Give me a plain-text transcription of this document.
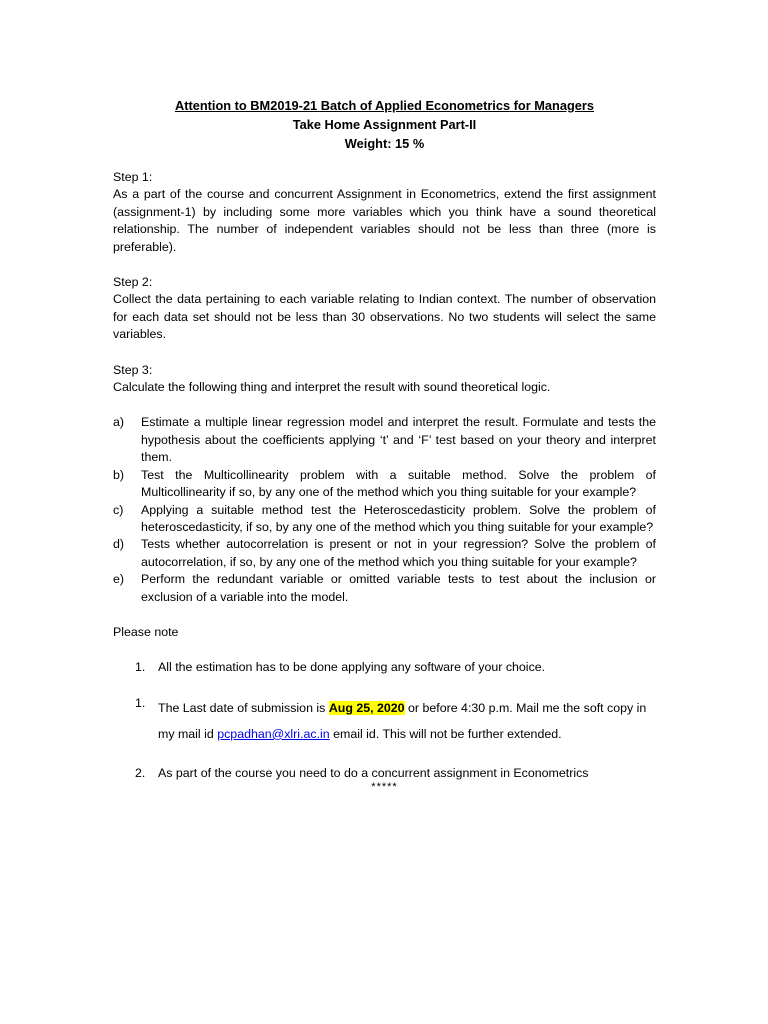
Attention to BM2019-21 Batch of Applied Econometrics for Managers
Take Home Assignment Part-II
Weight: 15 %

Step 1:

As a part of the course and concurrent Assignment in Econometrics, extend the first assignment (assignment-1) by including some more variables which you think have a sound theoretical relationship. The number of independent variables should not be less than three (more is preferable).

Step 2:

Collect the data pertaining to each variable relating to Indian context. The number of observation for each data set should not be less than 30 observations. No two students will select the same variables.

Step 3:

Calculate the following thing and interpret the result with sound theoretical logic.

a)	Estimate a multiple linear regression model and interpret the result. Formulate and tests the hypothesis about the coefficients applying ‘t’ and ‘F’ test based on your theory and interpret them.
b)	Test the Multicollinearity problem with a suitable method. Solve the problem of Multicollinearity if so, by any one of the method which you thing suitable for your example?
c)	Applying a suitable method test the Heteroscedasticity problem. Solve the problem of heteroscedasticity, if so, by any one of the method which you thing suitable for your example?
d)	Tests whether autocorrelation is present or not in your regression? Solve the problem of autocorrelation, if so, by any one of the method which you thing suitable for your example?
e)	Perform the redundant variable or omitted variable tests to test about the inclusion or exclusion of a variable into the model.

Please note

1.	All the estimation has to be done applying any software of your choice.
1.	The Last date of submission is Aug 25, 2020 or before 4:30 p.m. Mail me the soft copy in my mail id pcpadhan@xlri.ac.in email id. This will not be further extended.
2.	As part of the course you need to do a concurrent assignment in Econometrics
*****
